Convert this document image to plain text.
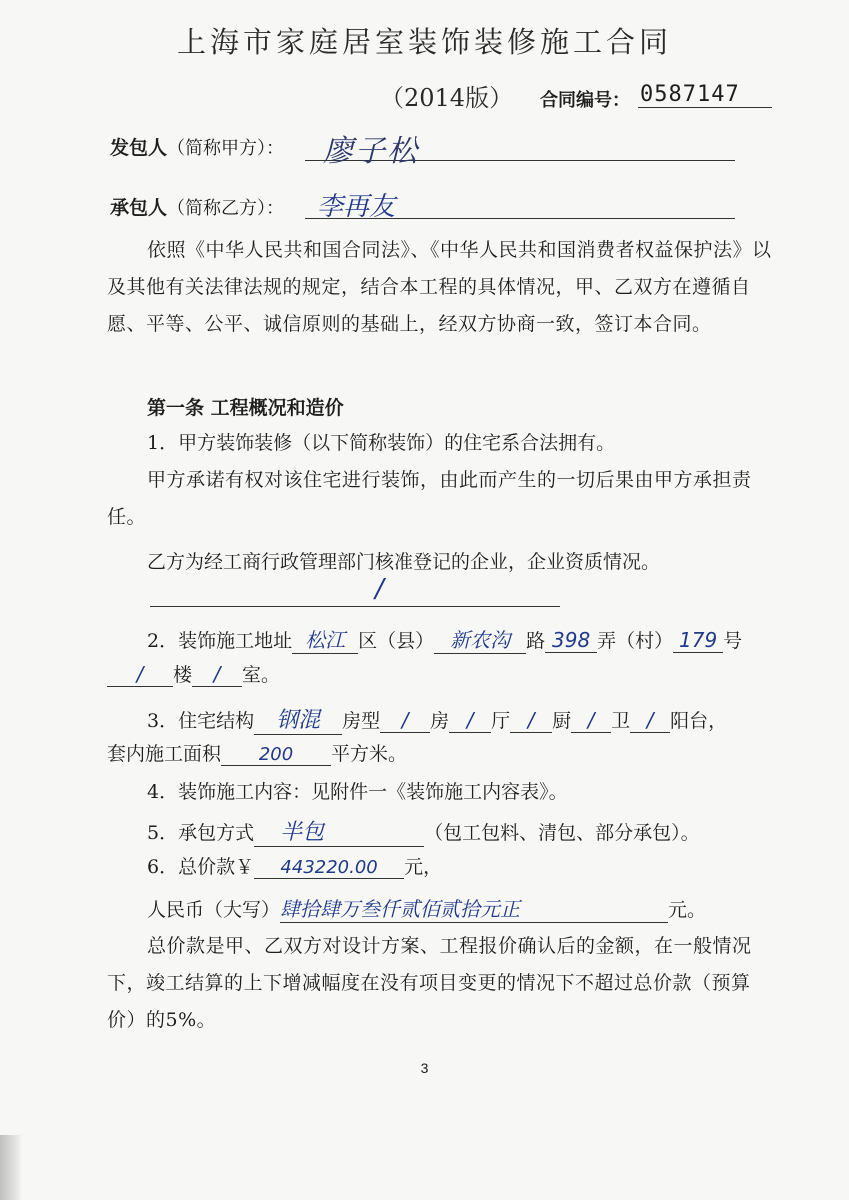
上海市家庭居室装饰装修施工合同
（2014版） 合同编号： 0587147
发包人（简称甲方）：	廖子松
承包人（简称乙方）：	李再友
依照《中华人民共和国合同法》、《中华人民共和国消费者权益保护法》以及其他有关法律法规的规定，结合本工程的具体情况，甲、乙双方在遵循自愿、平等、公平、诚信原则的基础上，经双方协商一致，签订本合同。
第一条 工程概况和造价
1．甲方装饰装修（以下简称装饰）的住宅系合法拥有。
甲方承诺有权对该住宅进行装饰，由此而产生的一切后果由甲方承担责任。
乙方为经工商行政管理部门核准登记的企业，企业资质情况。
/
2．装饰施工地址 松江 区（县） 新农沟 路 398 弄（村） 179 号
/ 楼 / 室。
3．住宅结构 钢混 房型 / 房 / 厅 / 厨 / 卫 / 阳台，
套内施工面积 200 平方米。
4．装饰施工内容：见附件一《装饰施工内容表》。
5．承包方式 半包	（包工包料、清包、部分承包）。
6．总价款￥ 443220.00 元，
人民币（大写）肆拾肆万叁仟贰佰贰拾元正	元。
总价款是甲、乙双方对设计方案、工程报价确认后的金额，在一般情况下，竣工结算的上下增减幅度在没有项目变更的情况下不超过总价款（预算价）的5%。
3
